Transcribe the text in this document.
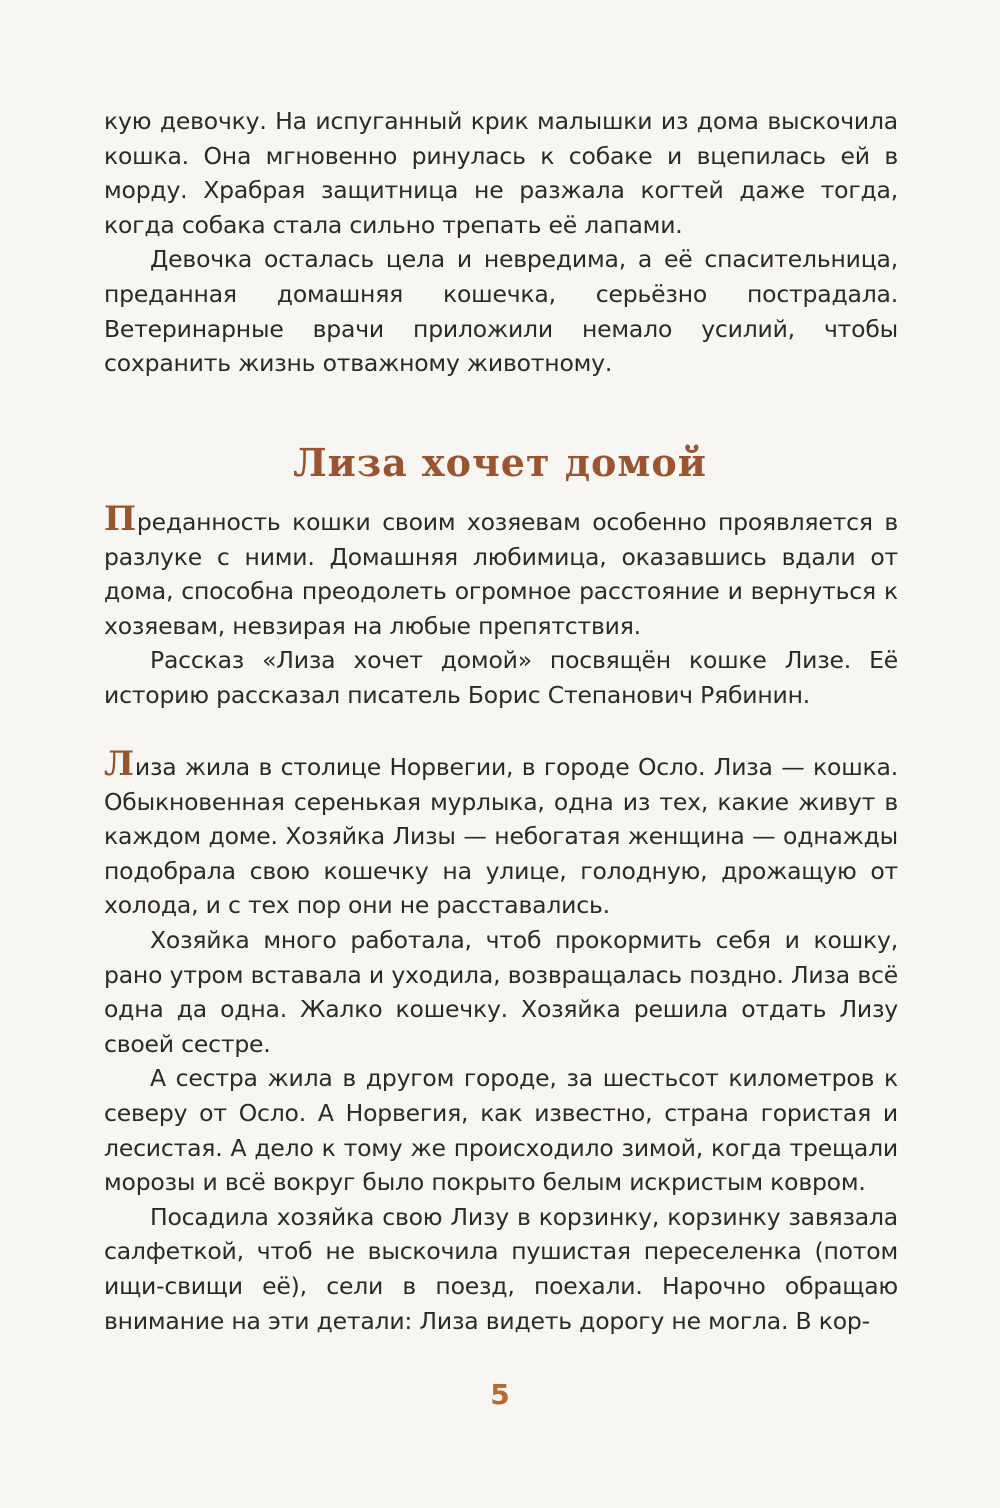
кую девочку. На испуганный крик малышки из дома выскочила кошка. Она мгновенно ринулась к собаке и вцепилась ей в морду. Храбрая защитница не разжала когтей даже тогда, когда собака стала сильно трепать её лапами.

Девочка осталась цела и невредима, а её спасительница, преданная домашняя кошечка, серьёзно пострадала. Ветеринарные врачи приложили немало усилий, чтобы сохранить жизнь отважному животному.

Лиза хочет домой

Преданность кошки своим хозяевам особенно проявляется в разлуке с ними. Домашняя любимица, оказавшись вдали от дома, способна преодолеть огромное расстояние и вернуться к хозяевам, невзирая на любые препятствия.

Рассказ «Лиза хочет домой» посвящён кошке Лизе. Её историю рассказал писатель Борис Степанович Рябинин.

Лиза жила в столице Норвегии, в городе Осло. Лиза — кошка. Обыкновенная серенькая мурлыка, одна из тех, какие живут в каждом доме. Хозяйка Лизы — небогатая женщина — однажды подобрала свою кошечку на улице, голодную, дрожащую от холода, и с тех пор они не расставались.

Хозяйка много работала, чтоб прокормить себя и кошку, рано утром вставала и уходила, возвращалась поздно. Лиза всё одна да одна. Жалко кошечку. Хозяйка решила отдать Лизу своей сестре.

А сестра жила в другом городе, за шестьсот километров к северу от Осло. А Норвегия, как известно, страна гористая и лесистая. А дело к тому же происходило зимой, когда трещали морозы и всё вокруг было покрыто белым искристым ковром.

Посадила хозяйка свою Лизу в корзинку, корзинку завязала салфеткой, чтоб не выскочила пушистая переселенка (потом ищи-свищи её), сели в поезд, поехали. Нарочно обращаю внимание на эти детали: Лиза видеть дорогу не могла. В кор-

5
